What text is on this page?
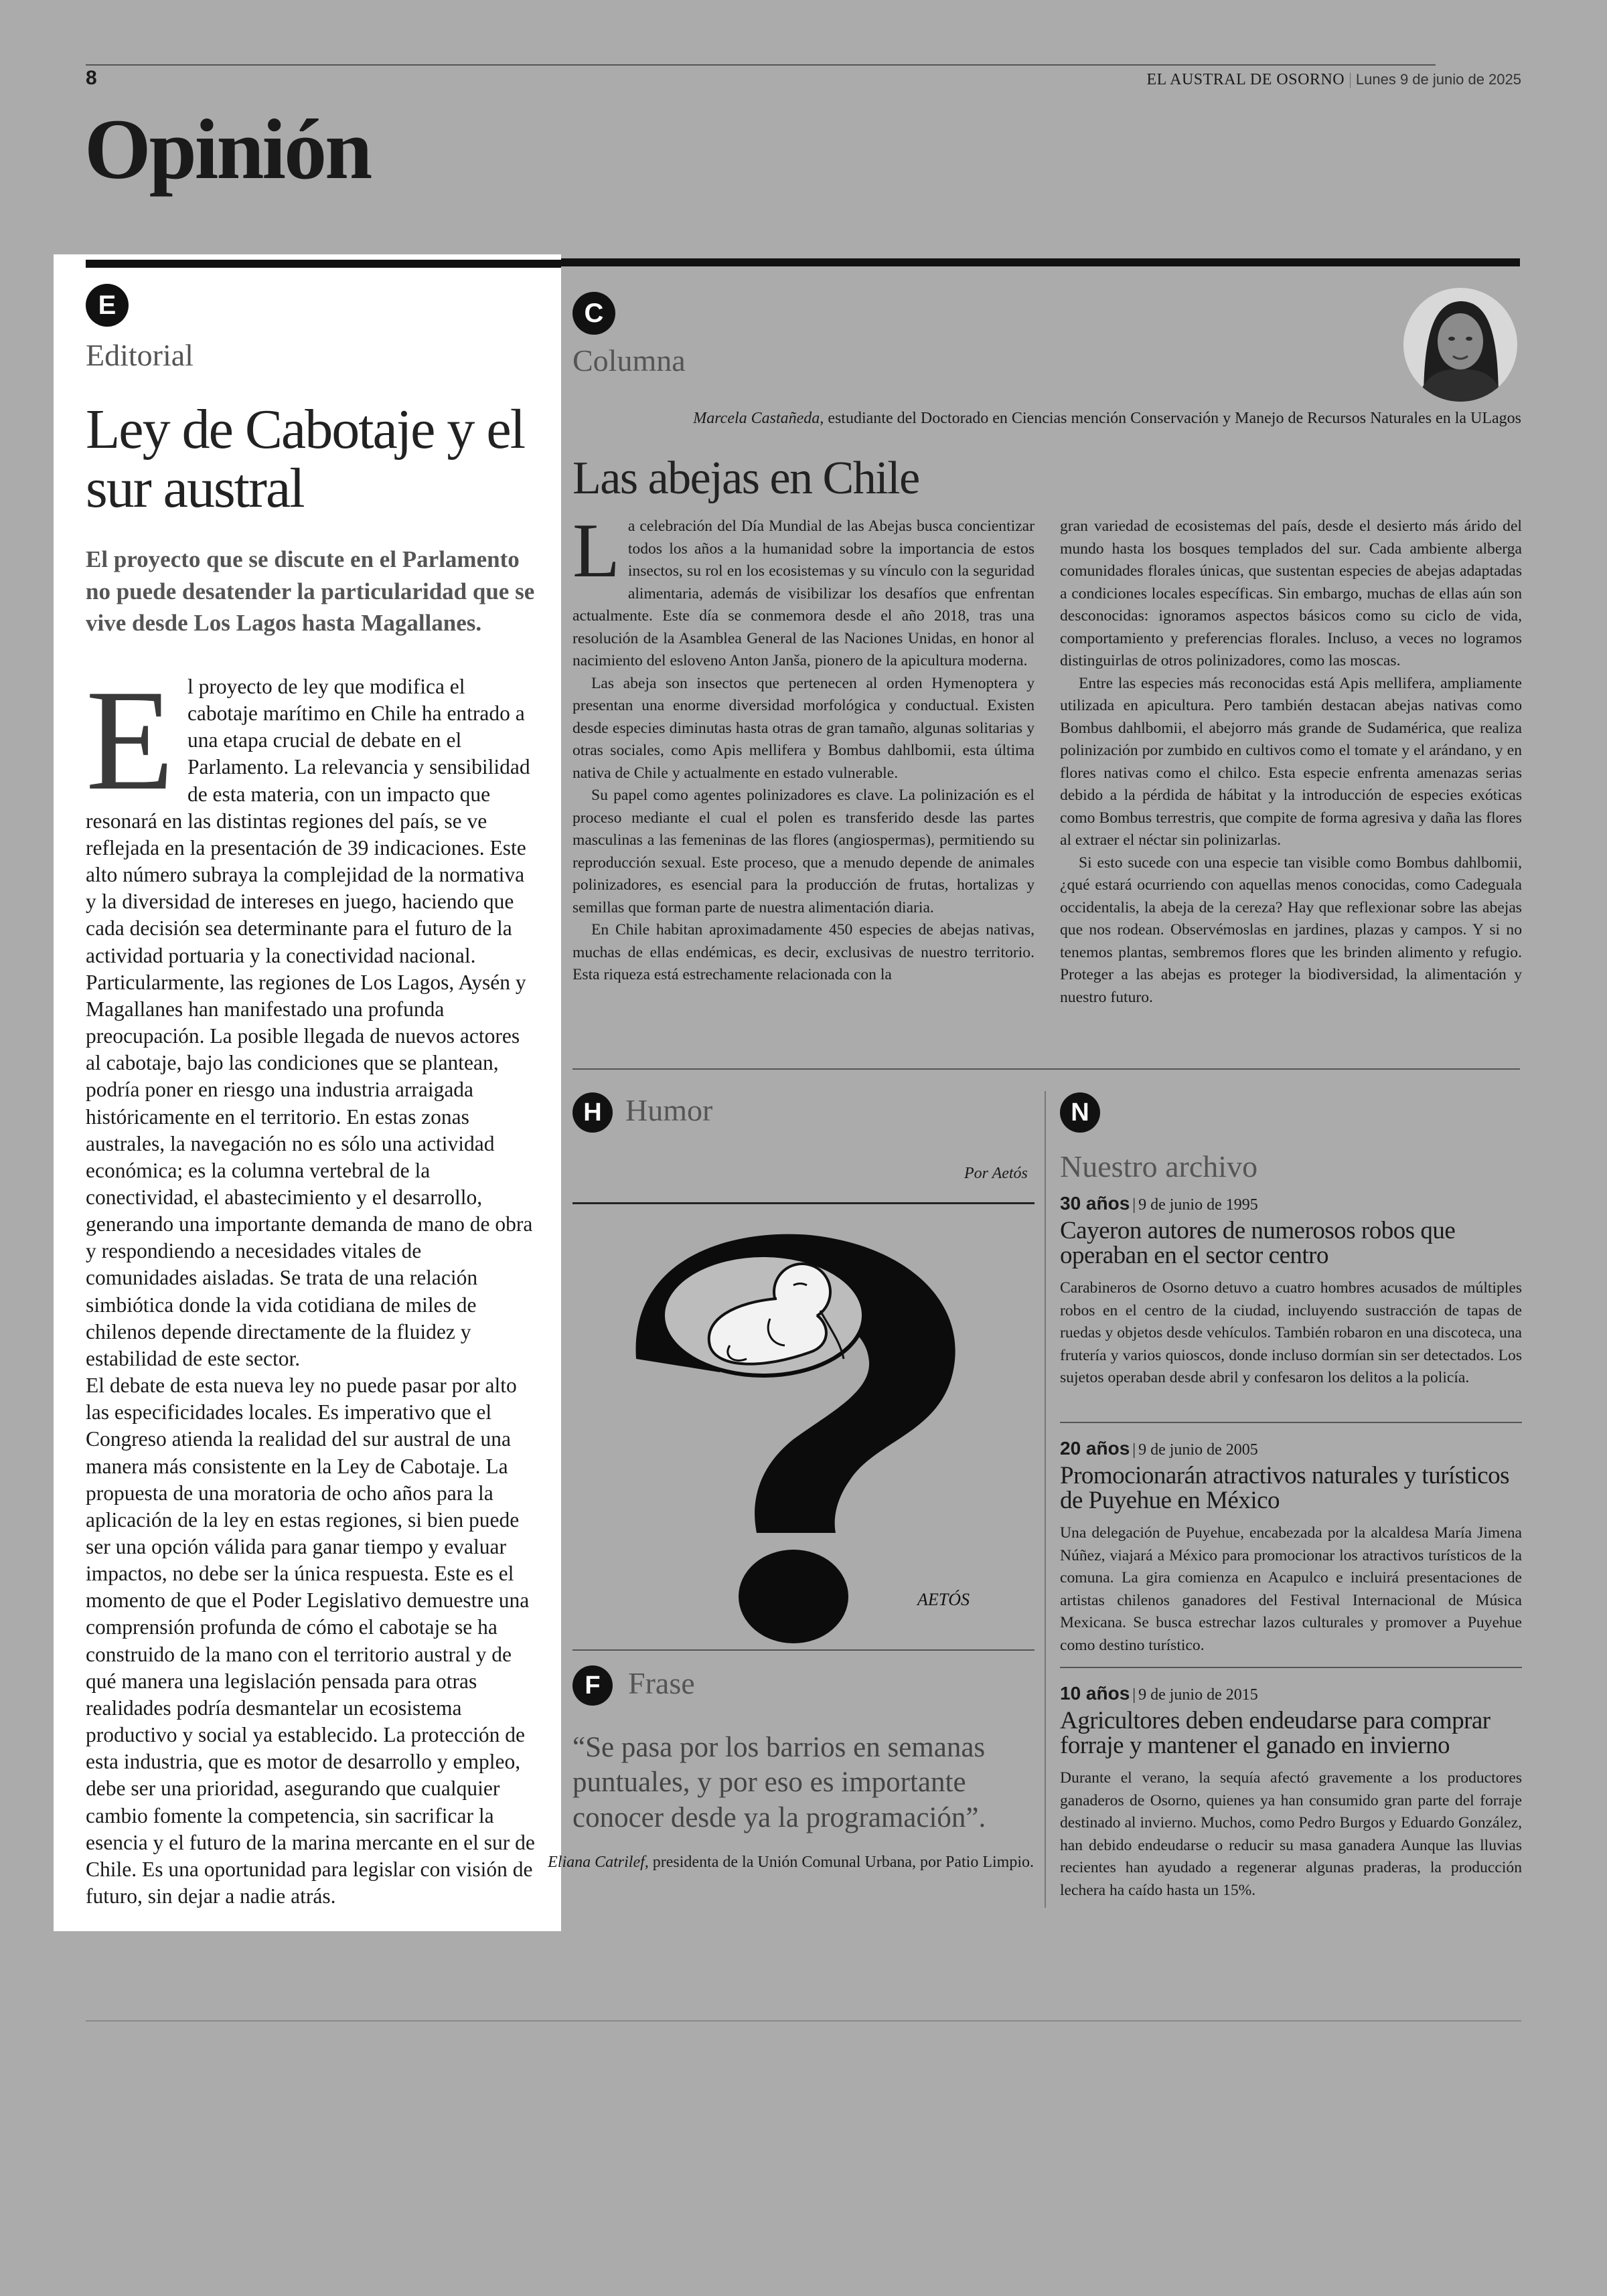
8	EL AUSTRAL DE OSORNO | Lunes 9 de junio de 2025
Opinión
E
Editorial
Ley de Cabotaje y el sur austral
El proyecto que se discute en el Parlamento no puede desatender la particularidad que se vive desde Los Lagos hasta Magallanes.
E l proyecto de ley que modifica el cabotaje marítimo en Chile ha entrado a una etapa crucial de debate en el Parlamento. La relevancia y sensibilidad de esta materia, con un impacto que resonará en las distintas regiones del país, se ve reflejada en la presentación de 39 indicaciones. Este alto número subraya la complejidad de la normativa y la diversidad de intereses en juego, haciendo que cada decisión sea determinante para el futuro de la actividad portuaria y la conectividad nacional.

Particularmente, las regiones de Los Lagos, Aysén y Magallanes han manifestado una profunda preocupación. La posible llegada de nuevos actores al cabotaje, bajo las condiciones que se plantean, podría poner en riesgo una industria arraigada históricamente en el territorio. En estas zonas australes, la navegación no es sólo una actividad económica; es la columna vertebral de la conectividad, el abastecimiento y el desarrollo, generando una importante demanda de mano de obra y respondiendo a necesidades vitales de comunidades aisladas. Se trata de una relación simbiótica donde la vida cotidiana de miles de chilenos depende directamente de la fluidez y estabilidad de este sector.

El debate de esta nueva ley no puede pasar por alto las especificidades locales. Es imperativo que el Congreso atienda la realidad del sur austral de una manera más consistente en la Ley de Cabotaje. La propuesta de una moratoria de ocho años para la aplicación de la ley en estas regiones, si bien puede ser una opción válida para ganar tiempo y evaluar impactos, no debe ser la única respuesta. Este es el momento de que el Poder Legislativo demuestre una comprensión profunda de cómo el cabotaje se ha construido de la mano con el territorio austral y de qué manera una legislación pensada para otras realidades podría desmantelar un ecosistema productivo y social ya establecido. La protección de esta industria, que es motor de desarrollo y empleo, debe ser una prioridad, asegurando que cualquier cambio fomente la competencia, sin sacrificar la esencia y el futuro de la marina mercante en el sur de Chile. Es una oportunidad para legislar con visión de futuro, sin dejar a nadie atrás.

C
Columna
Marcela Castañeda, estudiante del Doctorado en Ciencias mención Conservación y Manejo de Recursos Naturales en la ULagos
Las abejas en Chile
L a celebración del Día Mundial de las Abejas busca concientizar todos los años a la humanidad sobre la importancia de estos insectos, su rol en los ecosistemas y su vínculo con la seguridad alimentaria, además de visibilizar los desafíos que enfrentan actualmente. Este día se conmemora desde el año 2018, tras una resolución de la Asamblea General de las Naciones Unidas, en honor al nacimiento del esloveno Anton Janša, pionero de la apicultura moderna.

Las abeja son insectos que pertenecen al orden Hymenoptera y presentan una enorme diversidad morfológica y conductual. Existen desde especies diminutas hasta otras de gran tamaño, algunas solitarias y otras sociales, como Apis mellifera y Bombus dahlbomii, esta última nativa de Chile y actualmente en estado vulnerable.

Su papel como agentes polinizadores es clave. La polinización es el proceso mediante el cual el polen es transferido desde las partes masculinas a las femeninas de las flores (angiospermas), permitiendo su reproducción sexual. Este proceso, que a menudo depende de animales polinizadores, es esencial para la producción de frutas, hortalizas y semillas que forman parte de nuestra alimentación diaria.

En Chile habitan aproximadamente 450 especies de abejas nativas, muchas de ellas endémicas, es decir, exclusivas de nuestro territorio. Esta riqueza está estrechamente relacionada con la

gran variedad de ecosistemas del país, desde el desierto más árido del mundo hasta los bosques templados del sur. Cada ambiente alberga comunidades florales únicas, que sustentan especies de abejas adaptadas a condiciones locales específicas. Sin embargo, muchas de ellas aún son desconocidas: ignoramos aspectos básicos como su ciclo de vida, comportamiento y preferencias florales. Incluso, a veces no logramos distinguirlas de otros polinizadores, como las moscas.

Entre las especies más reconocidas está Apis mellifera, ampliamente utilizada en apicultura. Pero también destacan abejas nativas como Bombus dahlbomii, el abejorro más grande de Sudamérica, que realiza polinización por zumbido en cultivos como el tomate y el arándano, y en flores nativas como el chilco. Esta especie enfrenta amenazas serias debido a la pérdida de hábitat y la introducción de especies exóticas como Bombus terrestris, que compite de forma agresiva y daña las flores al extraer el néctar sin polinizarlas.

Si esto sucede con una especie tan visible como Bombus dahlbomii, ¿qué estará ocurriendo con aquellas menos conocidas, como Cadeguala occidentalis, la abeja de la cereza? Hay que reflexionar sobre las abejas que nos rodean. Observémoslas en jardines, plazas y campos. Y si no tenemos plantas, sembremos flores que les brinden alimento y refugio. Proteger a las abejas es proteger la biodiversidad, la alimentación y nuestro futuro.

H Humor
Por Aetós
AETÓS
F Frase
“Se pasa por los barrios en semanas puntuales, y por eso es importante conocer desde ya la programación”.
Eliana Catrilef, presidenta de la Unión Comunal Urbana, por Patio Limpio.
N
Nuestro archivo
30 años | 9 de junio de 1995
Cayeron autores de numerosos robos que operaban en el sector centro
Carabineros de Osorno detuvo a cuatro hombres acusados de múltiples robos en el centro de la ciudad, incluyendo sustracción de tapas de ruedas y objetos desde vehículos. También robaron en una discoteca, una frutería y varios quioscos, donde incluso dormían sin ser detectados. Los sujetos operaban desde abril y confesaron los delitos a la policía.
20 años | 9 de junio de 2005
Promocionarán atractivos naturales y turísticos de Puyehue en México
Una delegación de Puyehue, encabezada por la alcaldesa María Jimena Núñez, viajará a México para promocionar los atractivos turísticos de la comuna. La gira comienza en Acapulco e incluirá presentaciones de artistas chilenos ganadores del Festival Internacional de Música Mexicana. Se busca estrechar lazos culturales y promover a Puyehue como destino turístico.
10 años | 9 de junio de 2015
Agricultores deben endeudarse para comprar forraje y mantener el ganado en invierno
Durante el verano, la sequía afectó gravemente a los productores ganaderos de Osorno, quienes ya han consumido gran parte del forraje destinado al invierno. Muchos, como Pedro Burgos y Eduardo González, han debido endeudarse o reducir su masa ganadera Aunque las lluvias recientes han ayudado a regenerar algunas praderas, la producción lechera ha caído hasta un 15%.
